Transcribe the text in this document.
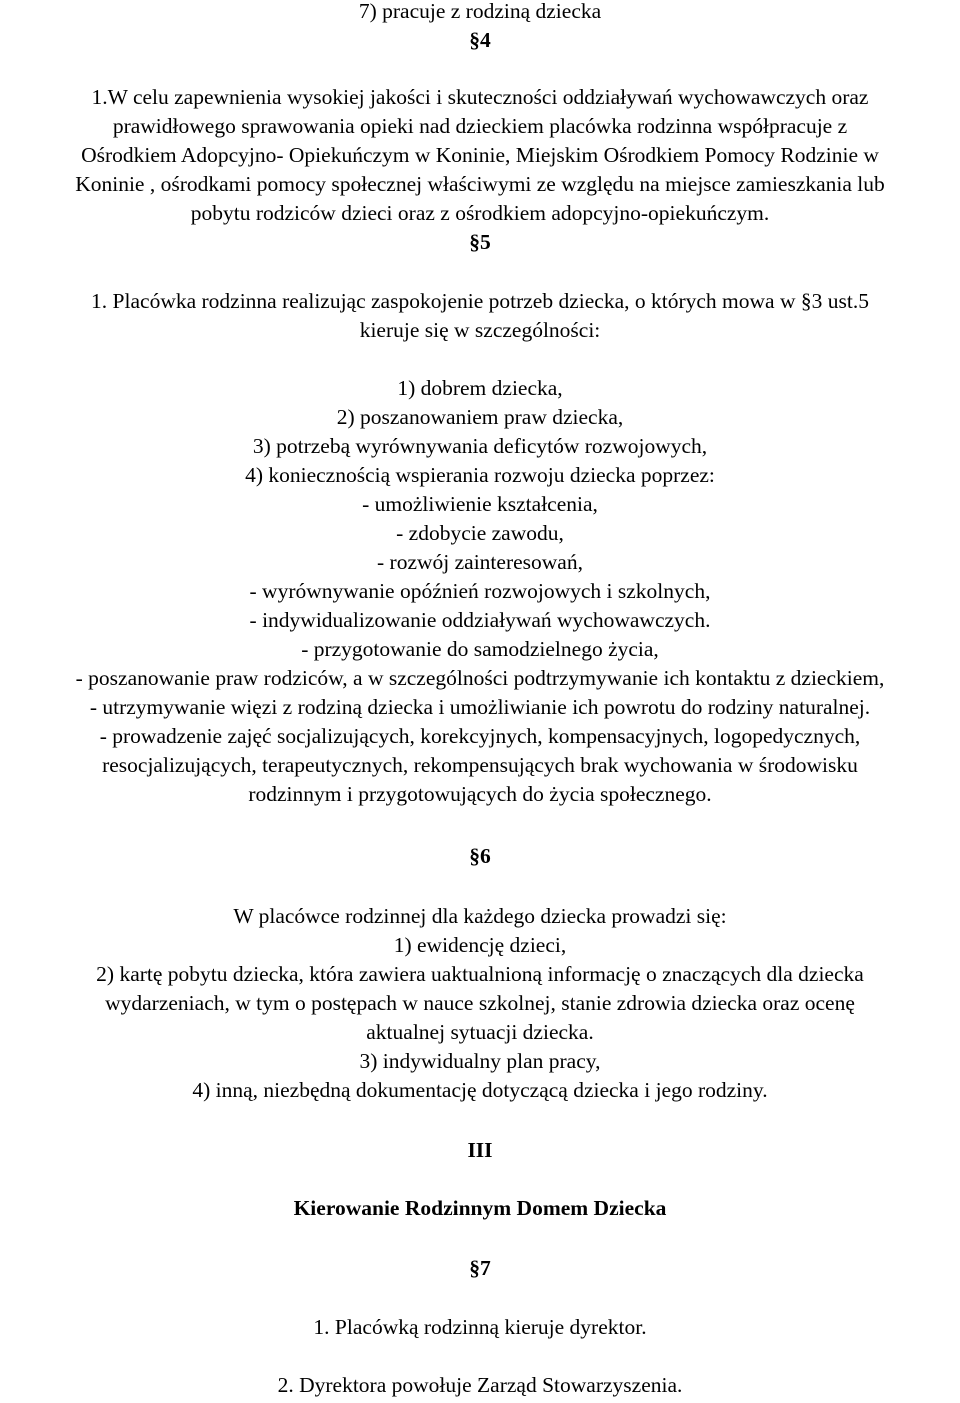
7) pracuje z rodziną dziecka

§4

1.W celu zapewnienia wysokiej jakości i skuteczności oddziaływań wychowawczych oraz

prawidłowego sprawowania opieki nad dzieckiem placówka rodzinna współpracuje z

Ośrodkiem Adopcyjno- Opiekuńczym w Koninie, Miejskim Ośrodkiem Pomocy Rodzinie w

Koninie , ośrodkami pomocy społecznej właściwymi ze względu na miejsce zamieszkania lub

pobytu rodziców dzieci oraz z ośrodkiem adopcyjno-opiekuńczym.

§5

1. Placówka rodzinna realizując zaspokojenie potrzeb dziecka, o których mowa w §3 ust.5

kieruje się w szczególności:

1) dobrem dziecka,

2) poszanowaniem praw dziecka,

3) potrzebą wyrównywania deficytów rozwojowych,

4) koniecznością wspierania rozwoju dziecka poprzez:

- umożliwienie kształcenia,

- zdobycie zawodu,

- rozwój zainteresowań,

- wyrównywanie opóźnień rozwojowych i szkolnych,

- indywidualizowanie oddziaływań wychowawczych.

- przygotowanie do samodzielnego życia,

- poszanowanie praw rodziców, a w szczególności podtrzymywanie ich kontaktu z dzieckiem,

- utrzymywanie więzi z rodziną dziecka i umożliwianie ich powrotu do rodziny naturalnej.

- prowadzenie zajęć socjalizujących, korekcyjnych, kompensacyjnych, logopedycznych,

resocjalizujących, terapeutycznych, rekompensujących brak wychowania w środowisku

rodzinnym i przygotowujących do życia społecznego.

§6

W placówce rodzinnej dla każdego dziecka prowadzi się:

1) ewidencję dzieci,

2) kartę pobytu dziecka, która zawiera uaktualnioną informację o znaczących dla dziecka

wydarzeniach, w tym o postępach w nauce szkolnej, stanie zdrowia dziecka oraz ocenę

aktualnej sytuacji dziecka.

3) indywidualny plan pracy,

4) inną, niezbędną dokumentację dotyczącą dziecka i jego rodziny.

III

Kierowanie Rodzinnym Domem Dziecka

§7

1. Placówką rodzinną kieruje dyrektor.

2. Dyrektora powołuje Zarząd Stowarzyszenia.
